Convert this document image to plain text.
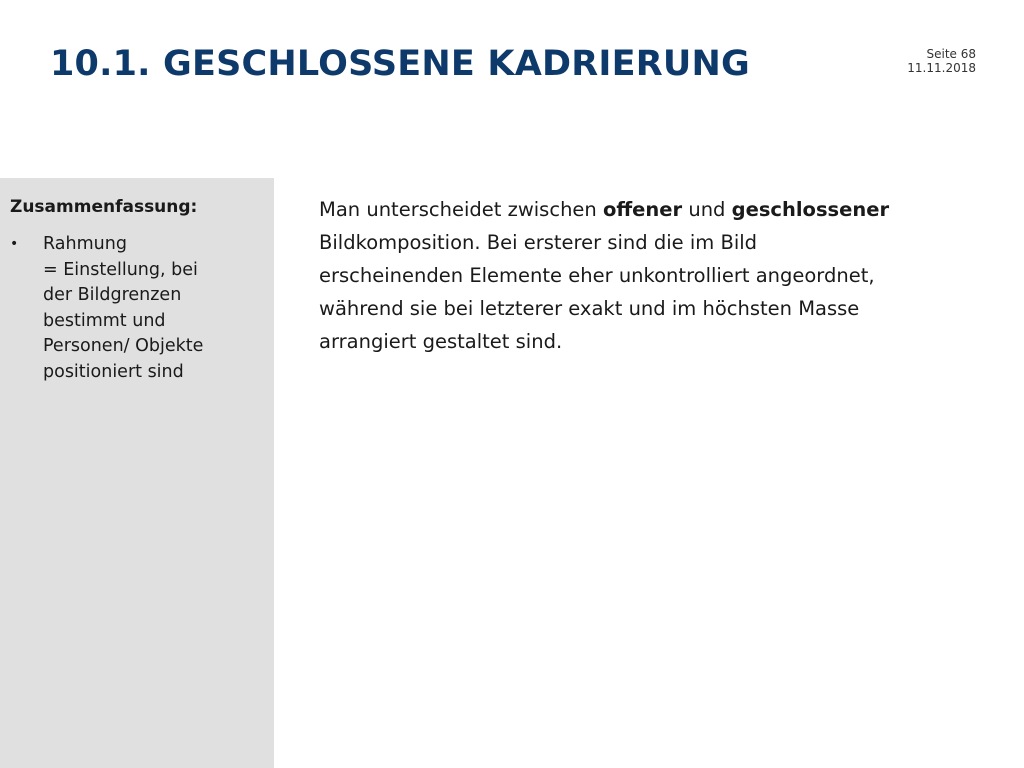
10.1. GESCHLOSSENE KADRIERUNG	Seite 68
11.11.2018
Zusammenfassung:
• Rahmung
= Einstellung, bei
der Bildgrenzen
bestimmt und
Personen/ Objekte
positioniert sind
Man unterscheidet zwischen offener und geschlossener
Bildkomposition. Bei ersterer sind die im Bild
erscheinenden Elemente eher unkontrolliert angeordnet,
während sie bei letzterer exakt und im höchsten Masse
arrangiert gestaltet sind.
